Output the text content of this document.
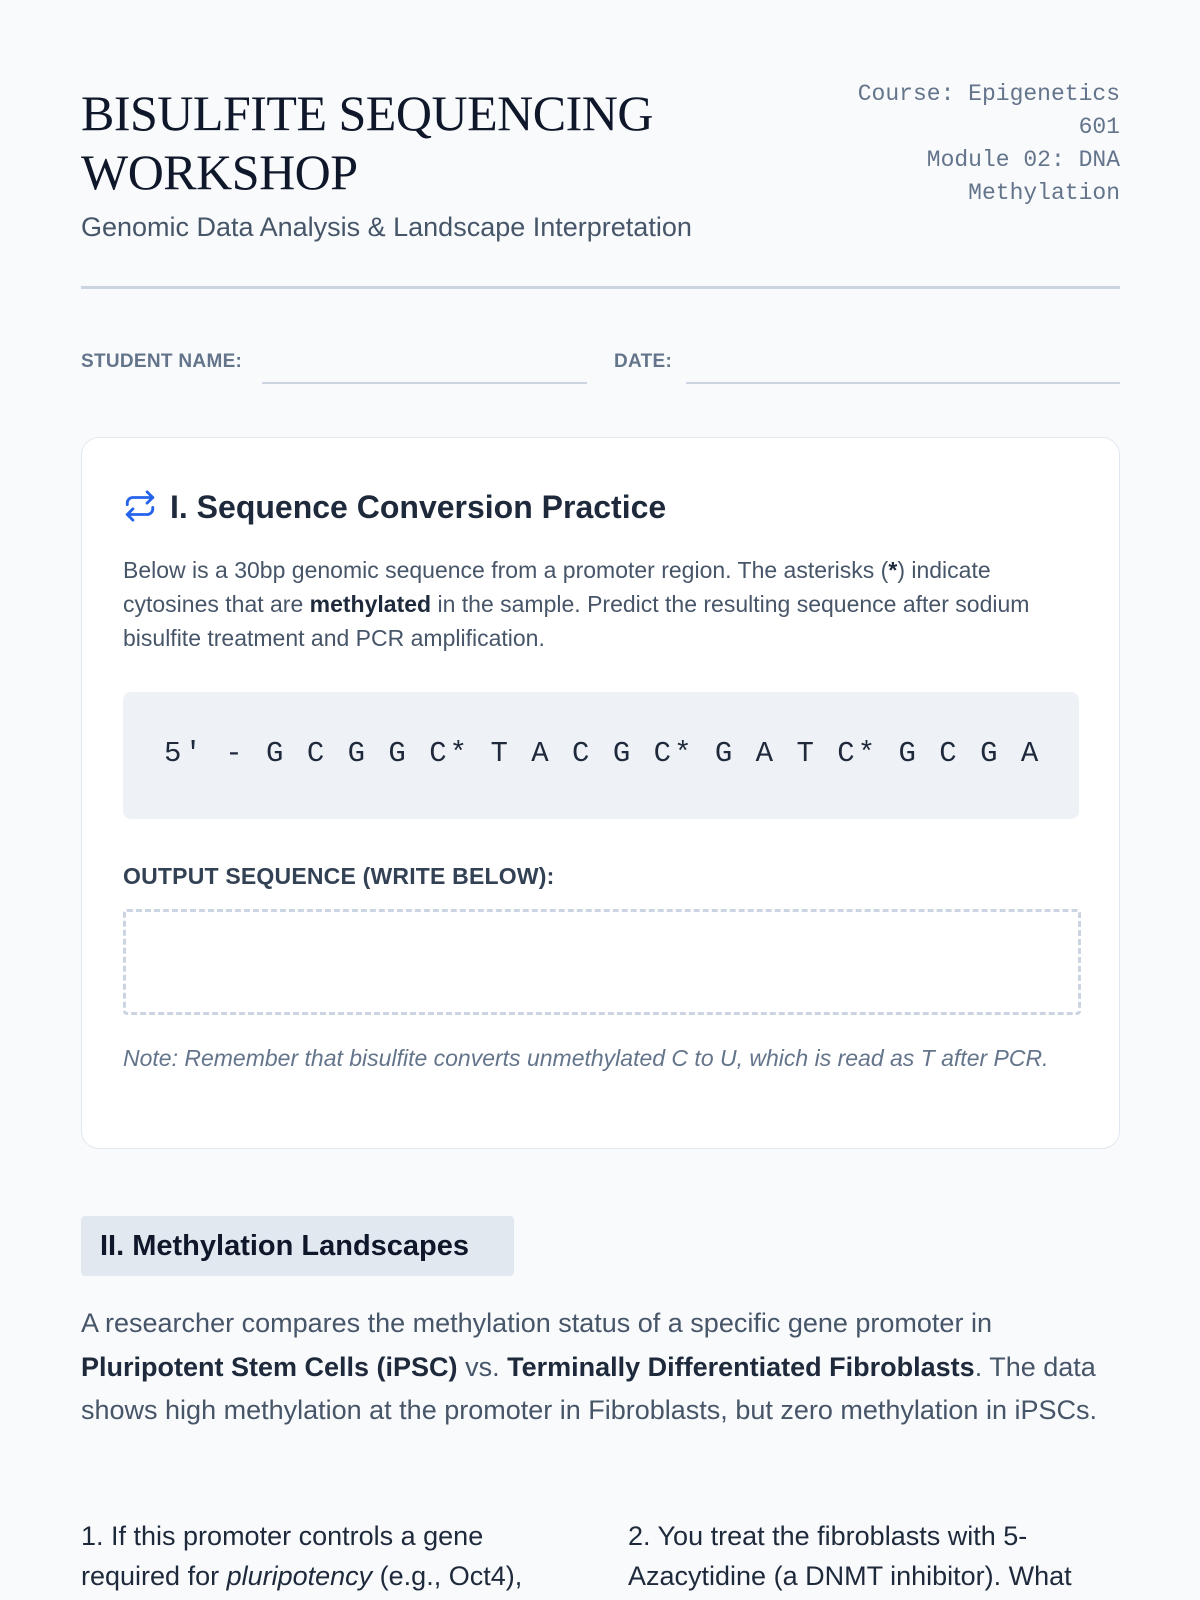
BISULFITE SEQUENCING WORKSHOP

Genomic Data Analysis & Landscape Interpretation

Course: Epigenetics 601
Module 02: DNA Methylation
STUDENT NAME:	DATE:
I. Sequence Conversion Practice

Below is a 30bp genomic sequence from a promoter region. The asterisks (*) indicate cytosines that are methylated in the sample. Predict the resulting sequence after sodium bisulfite treatment and PCR amplification.

5' - G C G G C* T A C G C* G A T C* G C G A

OUTPUT SEQUENCE (WRITE BELOW):

Note: Remember that bisulfite converts unmethylated C to U, which is read as T after PCR.

II. Methylation Landscapes

A researcher compares the methylation status of a specific gene promoter in Pluripotent Stem Cells (iPSC) vs. Terminally Differentiated Fibroblasts. The data shows high methylation at the promoter in Fibroblasts, but zero methylation in iPSCs.

1. If this promoter controls a gene required for pluripotency (e.g., Oct4),

2. You treat the fibroblasts with 5-Azacytidine (a DNMT inhibitor). What
